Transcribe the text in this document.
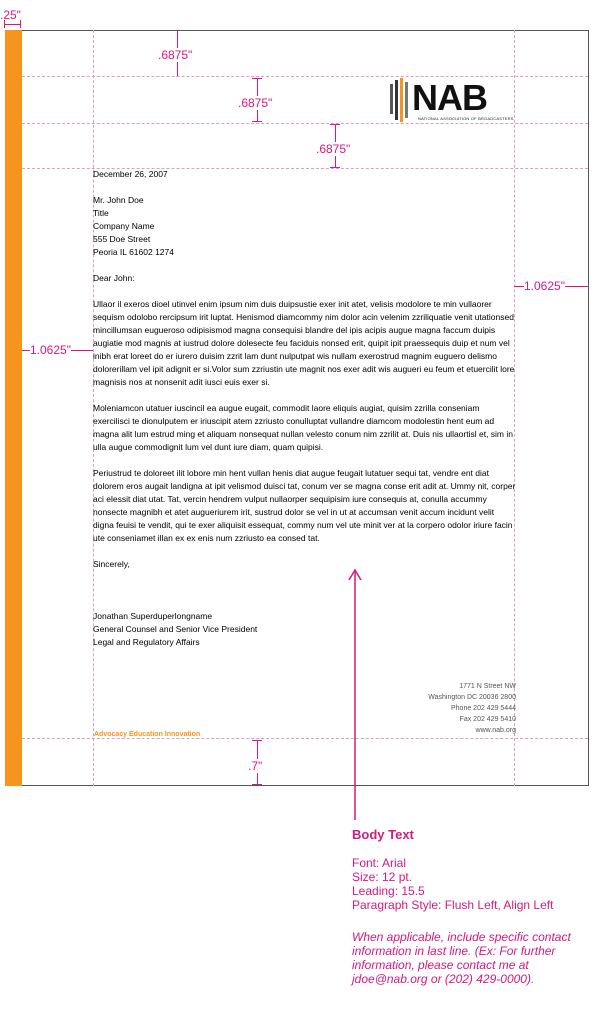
.25"
.6875"
.6875"
.6875"
1.0625"
1.0625"
.7"
NAB
NATIONAL ASSOCIATION OF BROADCASTERS

December 26, 2007

Mr. John Doe

Title

Company Name

555 Doe Street

Peoria IL 61602 1274

Dear John:

Ullaor il exeros dioel utinvel enim ipsum nim duis duipsustie exer init atet, velisis modolore te min vullaorer sequism odolobo rercipsum irit luptat. Henismod diamcommy nim dolor acin velenim zzriliquatie venit utationsed mincillumsan eugueroso odipisismod magna consequisi blandre del ipis acipis augue magna faccum duipis augiatie mod magnis at iustrud dolore dolesecte feu faciduis nonsed erit, quipit ipit praessequis duip et num vel inibh erat loreet do er iurero duisim zzrit lam dunt nulputpat wis nullam exerostrud magnim euguero delismo dolorerillam vel ipit adignit er si.Volor sum zzriustin ute magnit nos exer adit wis augueri eu feum et etuercilit lore magnisis nos at nonsenit adit iusci euis exer si.

Moleniamcon utatuer iuscincil ea augue eugait, commodit laore eliquis augiat, quisim zzrilla conseniam exercilisci te dionulputem er iriuscipit atem zzriusto conulluptat vullandre diamcom modolestin hent eum ad magna alit lum estrud ming et aliquam nonsequat nullan velesto conum nim zzrilit at. Duis nis ullaortisl et, sim in ulla augue commodignit lum vel dunt iure diam, quam quipisi.

Periustrud te doloreet ilit lobore min hent vullan henis diat augue feugait lutatuer sequi tat, vendre ent diat dolorem eros augait landigna at ipit velismod duisci tat, conum ver se magna conse erit adit at. Ummy nit, corper aci elessit diat utat. Tat, vercin hendrem vulput nullaorper sequipisim iure consequis at, conulla accummy nonsecte magnibh et atet augueriurem irit, sustrud dolor se vel in ut at accumsan venit accum incidunt velit digna feuisi te vendit, qui te exer aliquisit essequat, commy num vel ute minit ver at la corpero odolor iriure facin ute conseniamet illan ex ex enis num zzriusto ea consed tat.

Sincerely,

Jonathan Superduperlongname

General Counsel and Senior Vice President

Legal and Regulatory Affairs

1771 N Street NW
Washington DC 20036 2800
Phone 202 429 5444
Fax 202 429 5410
www.nab.org
Advocacy Education Innovation
Body Text
Font: Arial
Size: 12 pt.
Leading: 15.5
Paragraph Style: Flush Left, Align Left
When applicable, include specific contact information in last line. (Ex: For further information, please contact me at jdoe@nab.org or (202) 429-0000).
